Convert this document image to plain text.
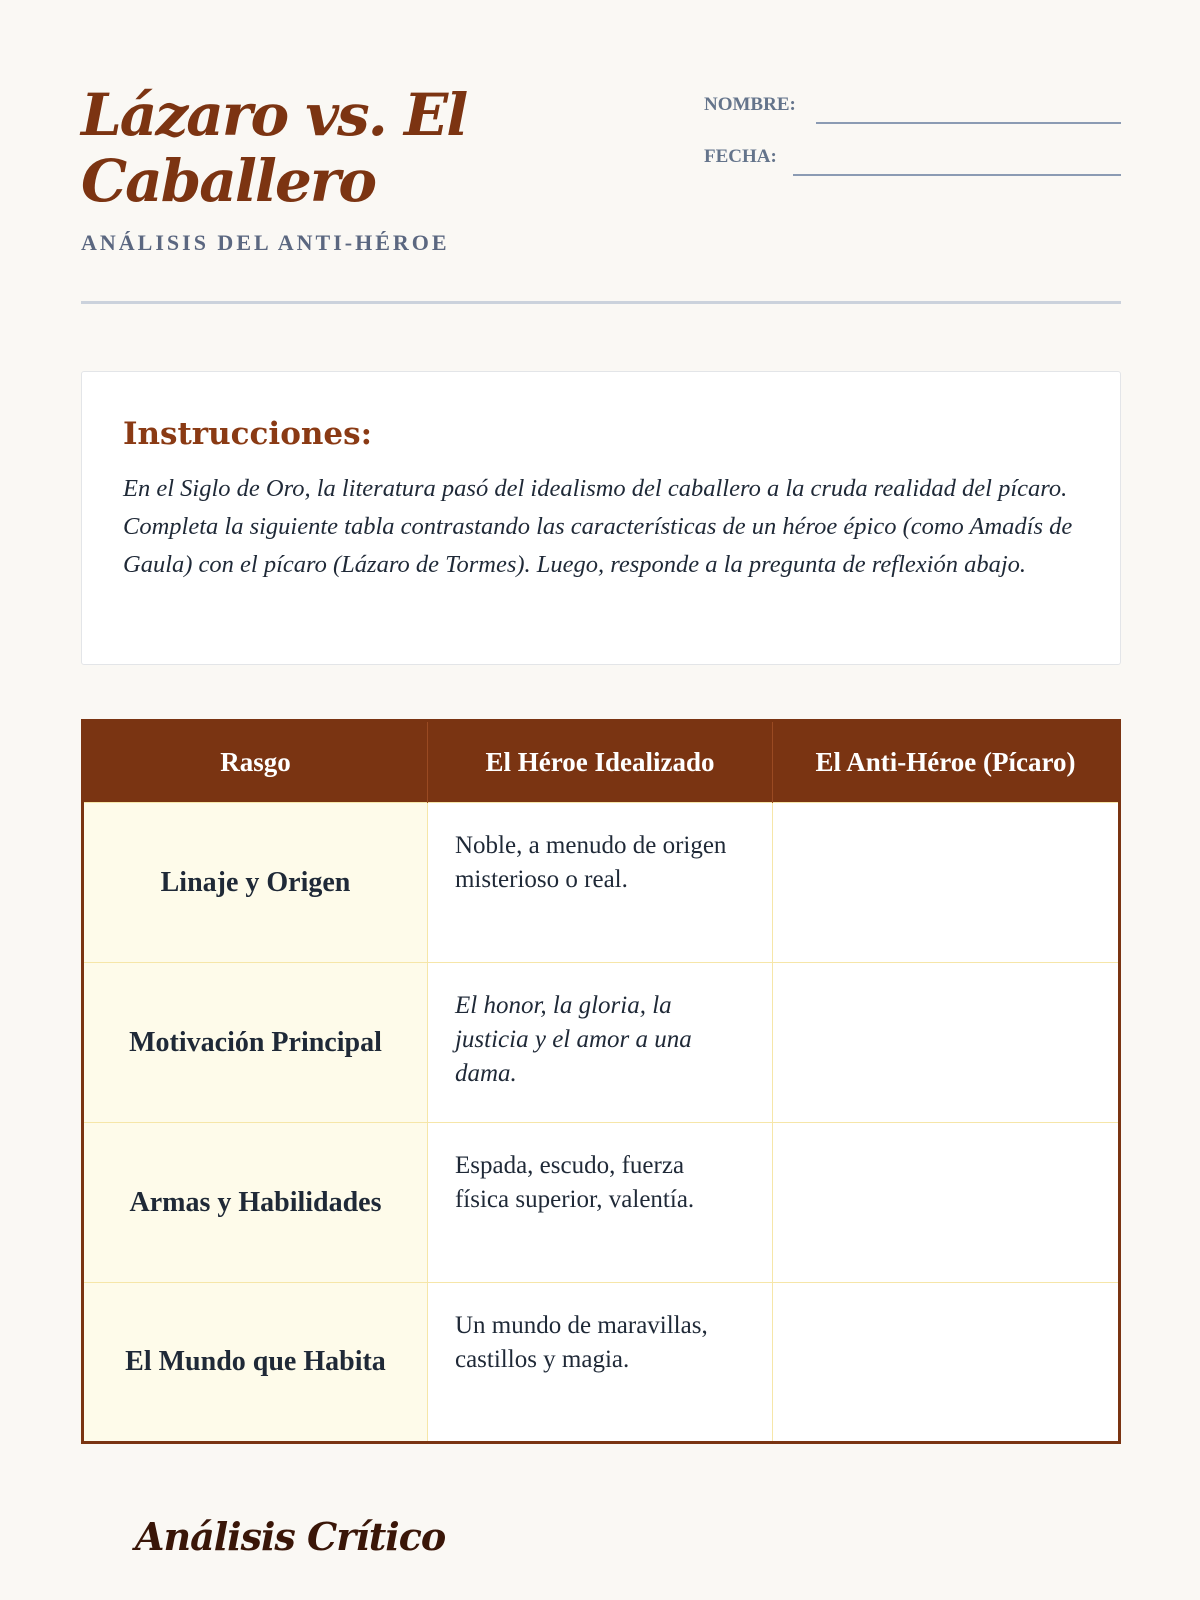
Lázaro vs. El Caballero
ANÁLISIS DEL ANTI-HÉROE
NOMBRE:
FECHA:
Instrucciones:

En el Siglo de Oro, la literatura pasó del idealismo del caballero a la cruda realidad del pícaro. Completa la siguiente tabla contrastando las características de un héroe épico (como Amadís de Gaula) con el pícaro (Lázaro de Tormes). Luego, responde a la pregunta de reflexión abajo.

Rasgo	El Héroe Idealizado	El Anti-Héroe (Pícaro)
Linaje y Origen	Noble, a menudo de origen misterioso o real.	
Motivación Principal	El honor, la gloria, la justicia y el amor a una dama.	
Armas y Habilidades	Espada, escudo, fuerza física superior, valentía.	
El Mundo que Habita	Un mundo de maravillas, castillos y magia.	
Análisis Crítico
